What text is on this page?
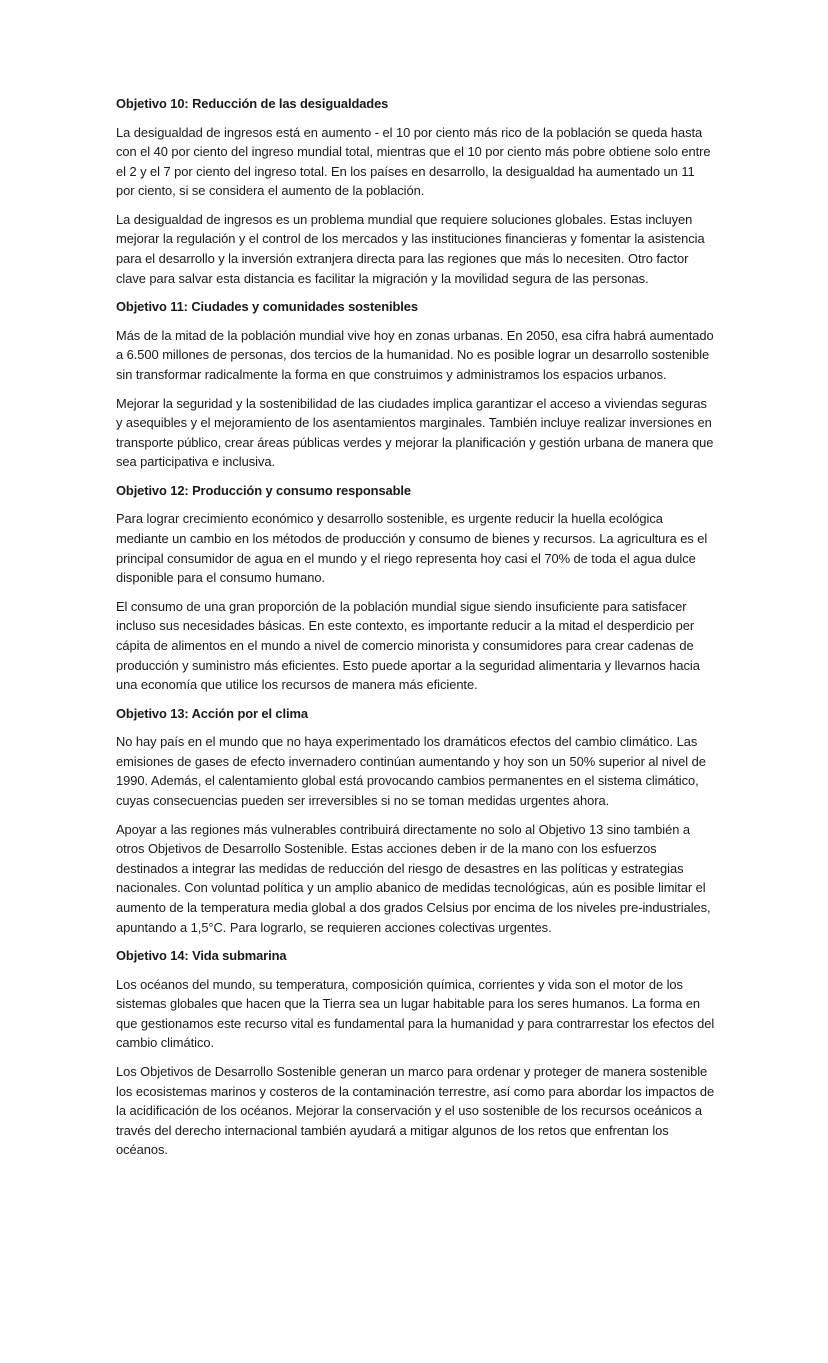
Objetivo 10: Reducción de las desigualdades

La desigualdad de ingresos está en aumento - el 10 por ciento más rico de la población se queda hasta con el 40 por ciento del ingreso mundial total, mientras que el 10 por ciento más pobre obtiene solo entre el 2 y el 7 por ciento del ingreso total. En los países en desarrollo, la desigualdad ha aumentado un 11 por ciento, si se considera el aumento de la población.

La desigualdad de ingresos es un problema mundial que requiere soluciones globales. Estas incluyen mejorar la regulación y el control de los mercados y las instituciones financieras y fomentar la asistencia para el desarrollo y la inversión extranjera directa para las regiones que más lo necesiten. Otro factor clave para salvar esta distancia es facilitar la migración y la movilidad segura de las personas.

Objetivo 11: Ciudades y comunidades sostenibles

Más de la mitad de la población mundial vive hoy en zonas urbanas. En 2050, esa cifra habrá aumentado a 6.500 millones de personas, dos tercios de la humanidad. No es posible lograr un desarrollo sostenible sin transformar radicalmente la forma en que construimos y administramos los espacios urbanos.

Mejorar la seguridad y la sostenibilidad de las ciudades implica garantizar el acceso a viviendas seguras y asequibles y el mejoramiento de los asentamientos marginales. También incluye realizar inversiones en transporte público, crear áreas públicas verdes y mejorar la planificación y gestión urbana de manera que sea participativa e inclusiva.

Objetivo 12: Producción y consumo responsable

Para lograr crecimiento económico y desarrollo sostenible, es urgente reducir la huella ecológica mediante un cambio en los métodos de producción y consumo de bienes y recursos. La agricultura es el principal consumidor de agua en el mundo y el riego representa hoy casi el 70% de toda el agua dulce disponible para el consumo humano.

El consumo de una gran proporción de la población mundial sigue siendo insuficiente para satisfacer incluso sus necesidades básicas. En este contexto, es importante reducir a la mitad el desperdicio per cápita de alimentos en el mundo a nivel de comercio minorista y consumidores para crear cadenas de producción y suministro más eficientes. Esto puede aportar a la seguridad alimentaria y llevarnos hacia una economía que utilice los recursos de manera más eficiente.

Objetivo 13: Acción por el clima

No hay país en el mundo que no haya experimentado los dramáticos efectos del cambio climático. Las emisiones de gases de efecto invernadero continúan aumentando y hoy son un 50% superior al nivel de 1990. Además, el calentamiento global está provocando cambios permanentes en el sistema climático, cuyas consecuencias pueden ser irreversibles si no se toman medidas urgentes ahora.

Apoyar a las regiones más vulnerables contribuirá directamente no solo al Objetivo 13 sino también a otros Objetivos de Desarrollo Sostenible. Estas acciones deben ir de la mano con los esfuerzos destinados a integrar las medidas de reducción del riesgo de desastres en las políticas y estrategias nacionales. Con voluntad política y un amplio abanico de medidas tecnológicas, aún es posible limitar el aumento de la temperatura media global a dos grados Celsius por encima de los niveles pre-industriales, apuntando a 1,5°C. Para lograrlo, se requieren acciones colectivas urgentes.

Objetivo 14: Vida submarina

Los océanos del mundo, su temperatura, composición química, corrientes y vida son el motor de los sistemas globales que hacen que la Tierra sea un lugar habitable para los seres humanos. La forma en que gestionamos este recurso vital es fundamental para la humanidad y para contrarrestar los efectos del cambio climático.

Los Objetivos de Desarrollo Sostenible generan un marco para ordenar y proteger de manera sostenible los ecosistemas marinos y costeros de la contaminación terrestre, así como para abordar los impactos de la acidificación de los océanos. Mejorar la conservación y el uso sostenible de los recursos oceánicos a través del derecho internacional también ayudará a mitigar algunos de los retos que enfrentan los océanos.
